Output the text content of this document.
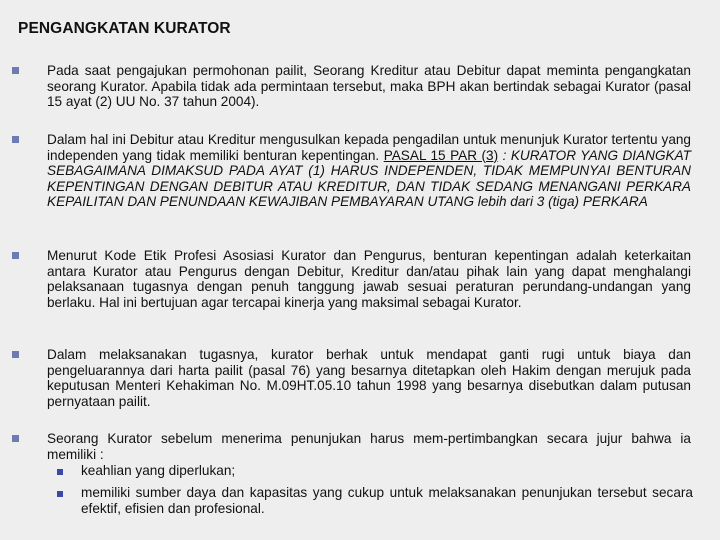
PENGANGKATAN KURATOR
Pada saat pengajukan permohonan pailit, Seorang Kreditur atau Debitur dapat meminta pengangkatan seorang Kurator. Apabila tidak ada permintaan tersebut, maka BPH akan bertindak sebagai Kurator (pasal 15 ayat (2) UU No. 37 tahun 2004).
Dalam hal ini Debitur atau Kreditur mengusulkan kepada pengadilan untuk menunjuk Kurator tertentu yang independen yang tidak memiliki benturan kepentingan. PASAL 15 PAR (3) : KURATOR YANG DIANGKAT SEBAGAIMANA DIMAKSUD PADA AYAT (1) HARUS INDEPENDEN, TIDAK MEMPUNYAI BENTURAN KEPENTINGAN DENGAN DEBITUR ATAU KREDITUR, DAN TIDAK SEDANG MENANGANI PERKARA KEPAILITAN DAN PENUNDAAN KEWAJIBAN PEMBAYARAN UTANG lebih dari 3 (tiga) PERKARA
Menurut Kode Etik Profesi Asosiasi Kurator dan Pengurus, benturan kepentingan adalah keterkaitan antara Kurator atau Pengurus dengan Debitur, Kreditur dan/atau pihak lain yang dapat menghalangi pelaksanaan tugasnya dengan penuh tanggung jawab sesuai peraturan perundang-undangan yang berlaku. Hal ini bertujuan agar tercapai kinerja yang maksimal sebagai Kurator.
Dalam melaksanakan tugasnya, kurator berhak untuk mendapat ganti rugi untuk biaya dan pengeluarannya dari harta pailit (pasal 76) yang besarnya ditetapkan oleh Hakim dengan merujuk pada keputusan Menteri Kehakiman No. M.09HT.05.10 tahun 1998 yang besarnya disebutkan dalam putusan pernyataan pailit.
Seorang Kurator sebelum menerima penunjukan harus mem-pertimbangkan secara jujur bahwa ia memiliki :
keahlian yang diperlukan;
memiliki sumber daya dan kapasitas yang cukup untuk melaksanakan penunjukan tersebut secara efektif, efisien dan profesional.
